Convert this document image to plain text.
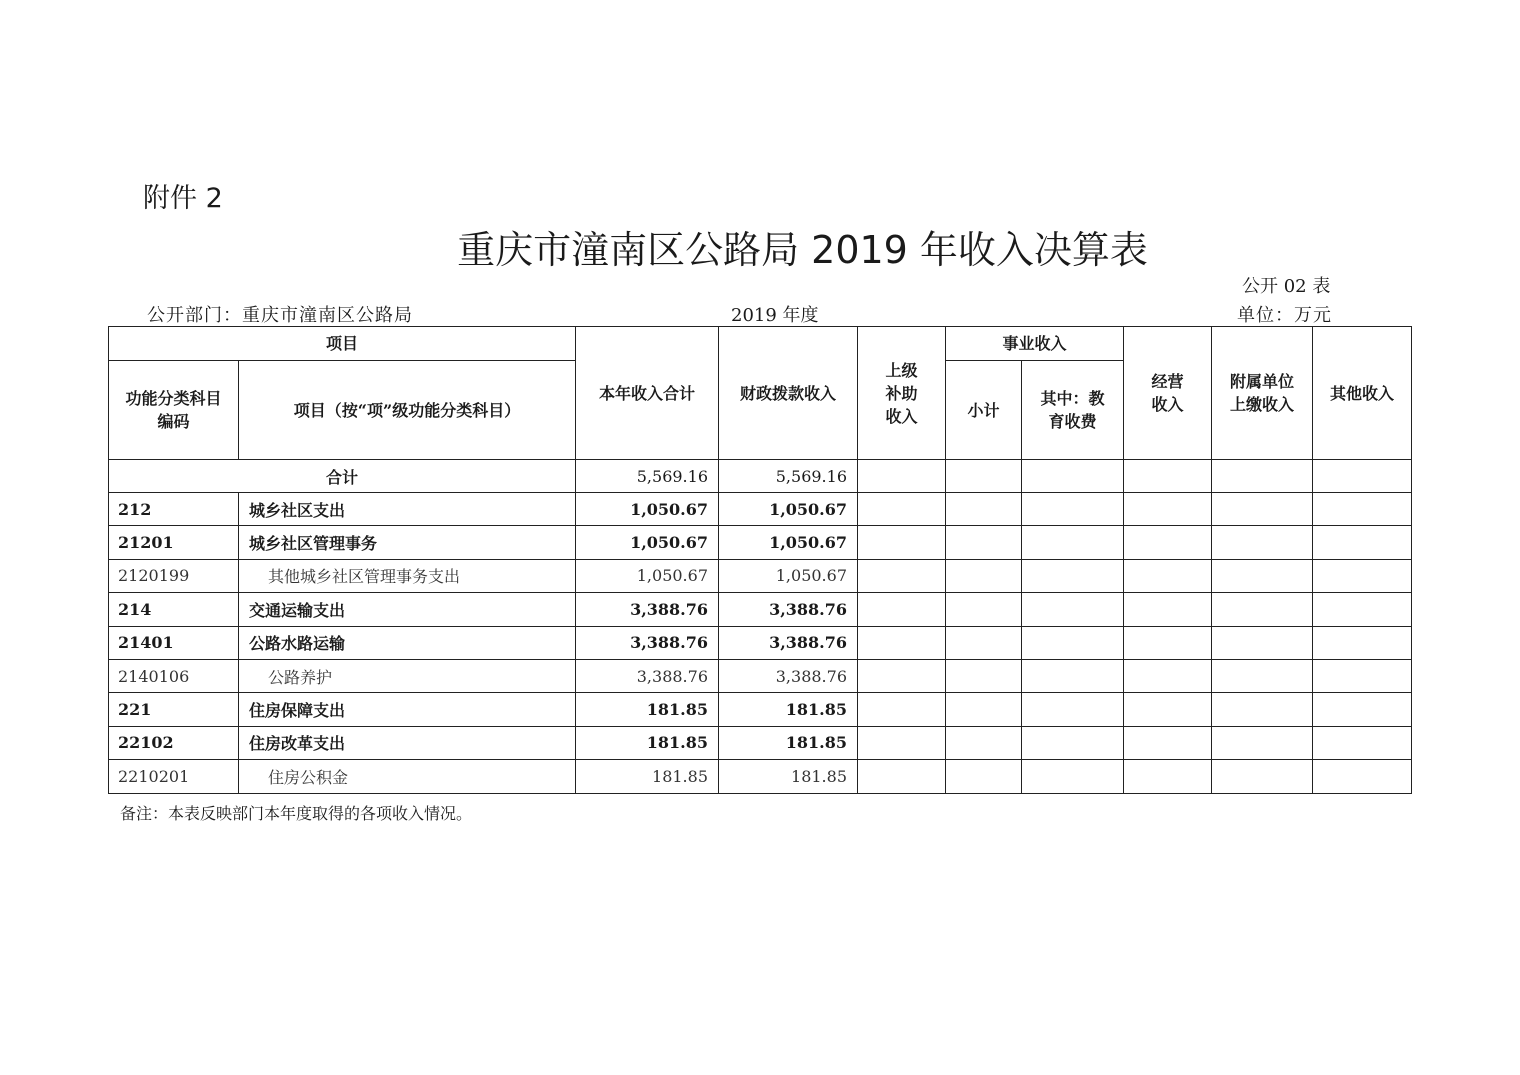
附件 2
重庆市潼南区公路局 2019 年收入决算表
公开 02 表
公开部门：重庆市潼南区公路局	2019 年度	单位：万元
项目		本年收入合计	财政拨款收入	上级补助收入	事业收入		经营收入	附属单位上缴收入	其他收入
功能分类科目编码	项目（按“项”级功能分类科目）				小计	其中：教育收费			
合计		5,569.16	5,569.16						
212	城乡社区支出	1,050.67	1,050.67						
21201	城乡社区管理事务	1,050.67	1,050.67						
2120199	其他城乡社区管理事务支出	1,050.67	1,050.67						
214	交通运输支出	3,388.76	3,388.76						
21401	公路水路运输	3,388.76	3,388.76						
2140106	公路养护	3,388.76	3,388.76						
221	住房保障支出	181.85	181.85						
22102	住房改革支出	181.85	181.85						
2210201	住房公积金	181.85	181.85						
备注：本表反映部门本年度取得的各项收入情况。
